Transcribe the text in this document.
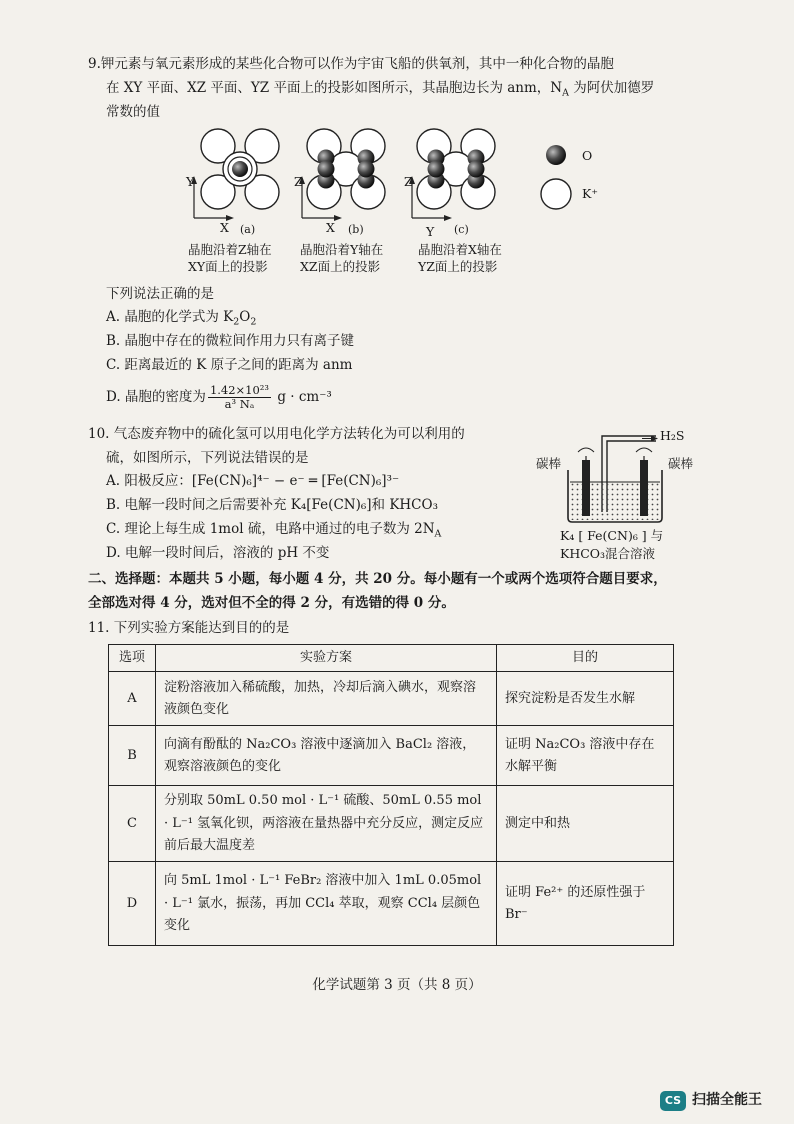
9.钾元素与氧元素形成的某些化合物可以作为宇宙飞船的供氧剂，其中一种化合物的晶胞
在 XY 平面、XZ 平面、YZ 平面上的投影如图所示，其晶胞边长为 anm，$N_A$ 为阿伏加德罗
常数的值
Y
X (a)
Z
X (b)
Z
Y (c)
O
K⁺
晶胞沿着Z轴在
XY面上的投影
晶胞沿着Y轴在
XZ面上的投影
晶胞沿着X轴在
YZ面上的投影
下列说法正确的是
A. 晶胞的化学式为 $K_2O_2$
B. 晶胞中存在的微粒间作用力只有离子键
C. 距离最近的 K 原子之间的距离为 anm
D. 晶胞的密度为 $\frac{\text{1.42×10²³}}{\text{a³ Nₐ}}$ g · cm⁻³
10. 气态废弃物中的硫化氢可以用电化学方法转化为可以利用的
硫，如图所示，下列说法错误的是
A. 阳极反应：[Fe(CN)₆]⁴⁻ − e⁻ ═ [Fe(CN)₆]³⁻
B. 电解一段时间之后需要补充 K₄[Fe(CN)₆]和 KHCO₃
C. 理论上每生成 1mol 硫，电路中通过的电子数为 $2N_A$
D. 电解一段时间后，溶液的 pH 不变
H₂S
碳棒	碳棒
K₄ [ Fe(CN)₆ ] 与
KHCO₃混合溶液
二、选择题：本题共 5 小题，每小题 4 分，共 20 分。每小题有一个或两个选项符合题目要求，
全部选对得 4 分，选对但不全的得 2 分，有选错的得 0 分。
11. 下列实验方案能达到目的的是
选项	实验方案	目的
A	淀粉溶液加入稀硫酸，加热，冷却后滴入碘水，观察溶液颜色变化	探究淀粉是否发生水解
B	向滴有酚酞的 Na₂CO₃ 溶液中逐滴加入 BaCl₂ 溶液，观察溶液颜色的变化	证明 Na₂CO₃ 溶液中存在水解平衡
C	分别取 50mL 0.50 mol · L⁻¹ 硫酸、50mL 0.55 mol · L⁻¹ 氢氧化钡，两溶液在量热器中充分反应，测定反应前后最大温度差	测定中和热
D	向 5mL 1mol · L⁻¹ FeBr₂ 溶液中加入 1mL 0.05mol · L⁻¹ 氯水，振荡，再加 CCl₄ 萃取，观察 CCl₄ 层颜色变化	证明 Fe²⁺ 的还原性强于 Br⁻
化学试题第 3 页（共 8 页）
CS 扫描全能王
